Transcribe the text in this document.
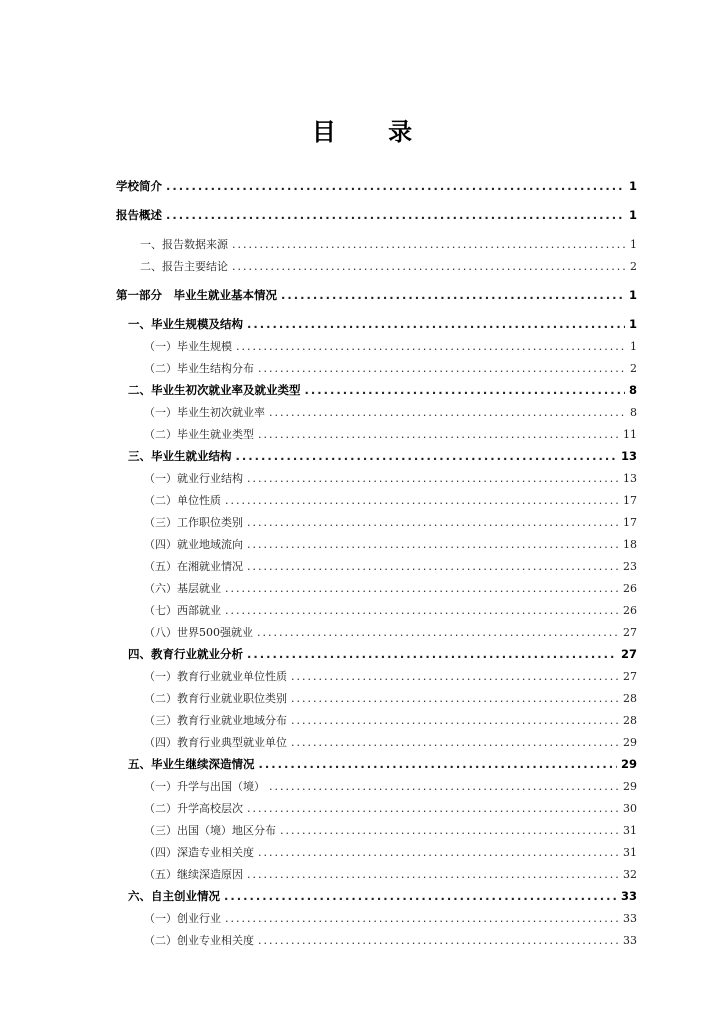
目 录
学校简介 .....	1
报告概述 .....	1
一、报告数据来源 .....	1
二、报告主要结论 .....	2
第一部分　毕业生就业基本情况 .....	1
一、毕业生规模及结构 .....	1
（一）毕业生规模 .....	1
（二）毕业生结构分布 .....	2
二、毕业生初次就业率及就业类型 .....	8
（一）毕业生初次就业率 .....	8
（二）毕业生就业类型 .....	11
三、毕业生就业结构 .....	13
（一）就业行业结构 .....	13
（二）单位性质 .....	17
（三）工作职位类别 .....	17
（四）就业地域流向 .....	18
（五）在湘就业情况 .....	23
（六）基层就业 .....	26
（七）西部就业 .....	26
（八）世界500强就业 .....	27
四、教育行业就业分析 .....	27
（一）教育行业就业单位性质 .....	27
（二）教育行业就业职位类别 .....	28
（三）教育行业就业地域分布 .....	28
（四）教育行业典型就业单位 .....	29
五、毕业生继续深造情况 .....	29
（一）升学与出国（境） .....	29
（二）升学高校层次 .....	30
（三）出国（境）地区分布 .....	31
（四）深造专业相关度 .....	31
（五）继续深造原因 .....	32
六、自主创业情况 .....	33
（一）创业行业 .....	33
（二）创业专业相关度 .....	33
